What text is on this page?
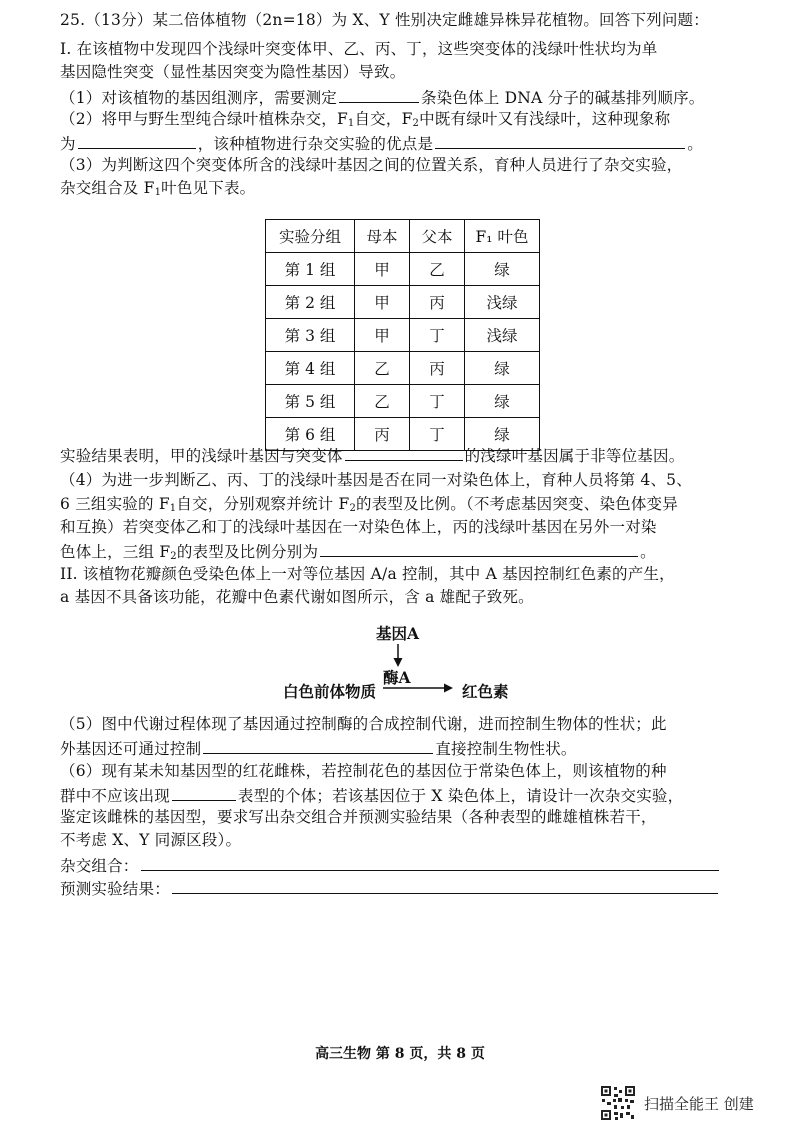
25.（13分）某二倍体植物（2n=18）为 X、Y 性别决定雌雄异株异花植物。回答下列问题：
I. 在该植物中发现四个浅绿叶突变体甲、乙、丙、丁，这些突变体的浅绿叶性状均为单
基因隐性突变（显性基因突变为隐性基因）导致。
（1）对该植物的基因组测序，需要测定	条染色体上 DNA 分子的碱基排列顺序。
（2）将甲与野生型纯合绿叶植株杂交，$F_1$自交，$F_2$中既有绿叶又有浅绿叶，这种现象称
为	，该种植物进行杂交实验的优点是	。
（3）为判断这四个突变体所含的浅绿叶基因之间的位置关系，育种人员进行了杂交实验，
杂交组合及 $F_1$叶色见下表。
实验分组	母本	父本	F₁ 叶色
第 1 组	甲	乙	绿
第 2 组	甲	丙	浅绿
第 3 组	甲	丁	浅绿
第 4 组	乙	丙	绿
第 5 组	乙	丁	绿
第 6 组	丙	丁	绿
实验结果表明，甲的浅绿叶基因与突变体	的浅绿叶基因属于非等位基因。
（4）为进一步判断乙、丙、丁的浅绿叶基因是否在同一对染色体上，育种人员将第 4、5、
6 三组实验的 $F_1$自交，分别观察并统计 $F_2$的表型及比例。（不考虑基因突变、染色体变异
和互换）若突变体乙和丁的浅绿叶基因在一对染色体上，丙的浅绿叶基因在另外一对染
色体上，三组 $F_2$的表型及比例分别为	。
II. 该植物花瓣颜色受染色体上一对等位基因 A/a 控制，其中 A 基因控制红色素的产生，
a 基因不具备该功能，花瓣中色素代谢如图所示，含 a 雄配子致死。
基因A
酶A
白色前体物质	红色素
（5）图中代谢过程体现了基因通过控制酶的合成控制代谢，进而控制生物体的性状；此
外基因还可通过控制	直接控制生物性状。
（6）现有某未知基因型的红花雌株，若控制花色的基因位于常染色体上，则该植物的种
群中不应该出现	表型的个体；若该基因位于 X 染色体上，请设计一次杂交实验，
鉴定该雌株的基因型，要求写出杂交组合并预测实验结果（各种表型的雌雄植株若干，
不考虑 X、Y 同源区段）。
杂交组合：
预测实验结果：
高三生物 第 8 页，共 8 页
扫描全能王 创建
